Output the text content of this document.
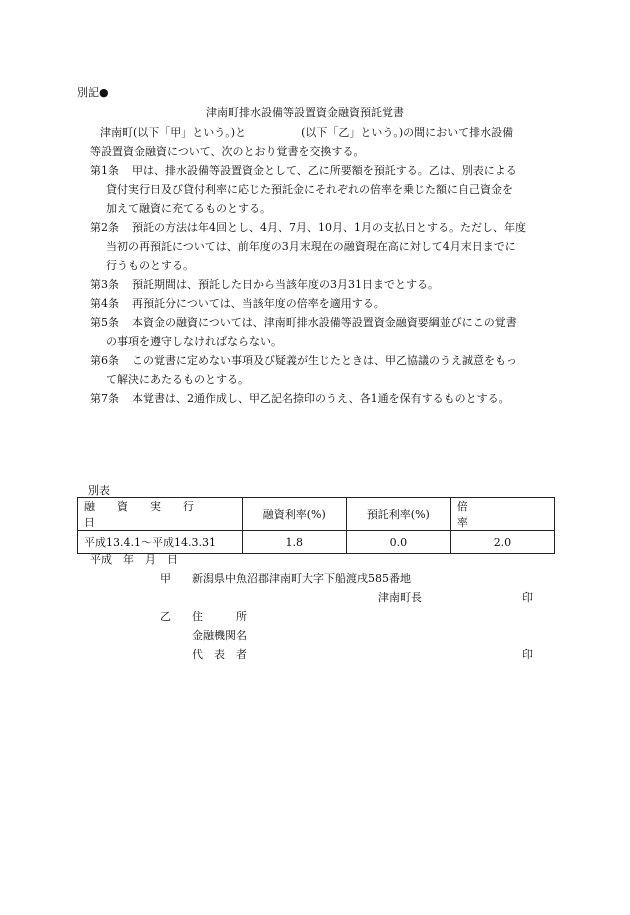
別記●
津南町排水設備等設置資金融資預託覚書
津南町(以下「甲」という。)と　　　　　(以下「乙」という。)の間において排水設備
等設置資金融資について、次のとおり覚書を交換する。
第1条 甲は、排水設備等設置資金として、乙に所要額を預託する。乙は、別表による
貸付実行日及び貸付利率に応じた預託金にそれぞれの倍率を乗じた額に自己資金を
加えて融資に充てるものとする。
第2条 預託の方法は年4回とし、4月、7月、10月、1月の支払日とする。ただし、年度
当初の再預託については、前年度の3月末現在の融資現在高に対して4月末日までに
行うものとする。
第3条 預託期間は、預託した日から当該年度の3月31日までとする。
第4条 再預託分については、当該年度の倍率を適用する。
第5条 本資金の融資については、津南町排水設備等設置資金融資要綱並びにこの覚書
の事項を遵守しなければならない。
第6条 この覚書に定めない事項及び疑義が生じたときは、甲乙協議のうえ誠意をもっ
て解決にあたるものとする。
第7条 本覚書は、2通作成し、甲乙記名捺印のうえ、各1通を保有するものとする。
別表
融資実行日	融資利率(%)	預託利率(%)	倍率
平成13.4.1〜平成14.3.31	1.8	0.0	2.0
平成　年　月　日
甲 新潟県中魚沼郡津南町大字下船渡戌585番地
津南町長	印
乙 住　　　所
金融機関名
代　表　者	印
